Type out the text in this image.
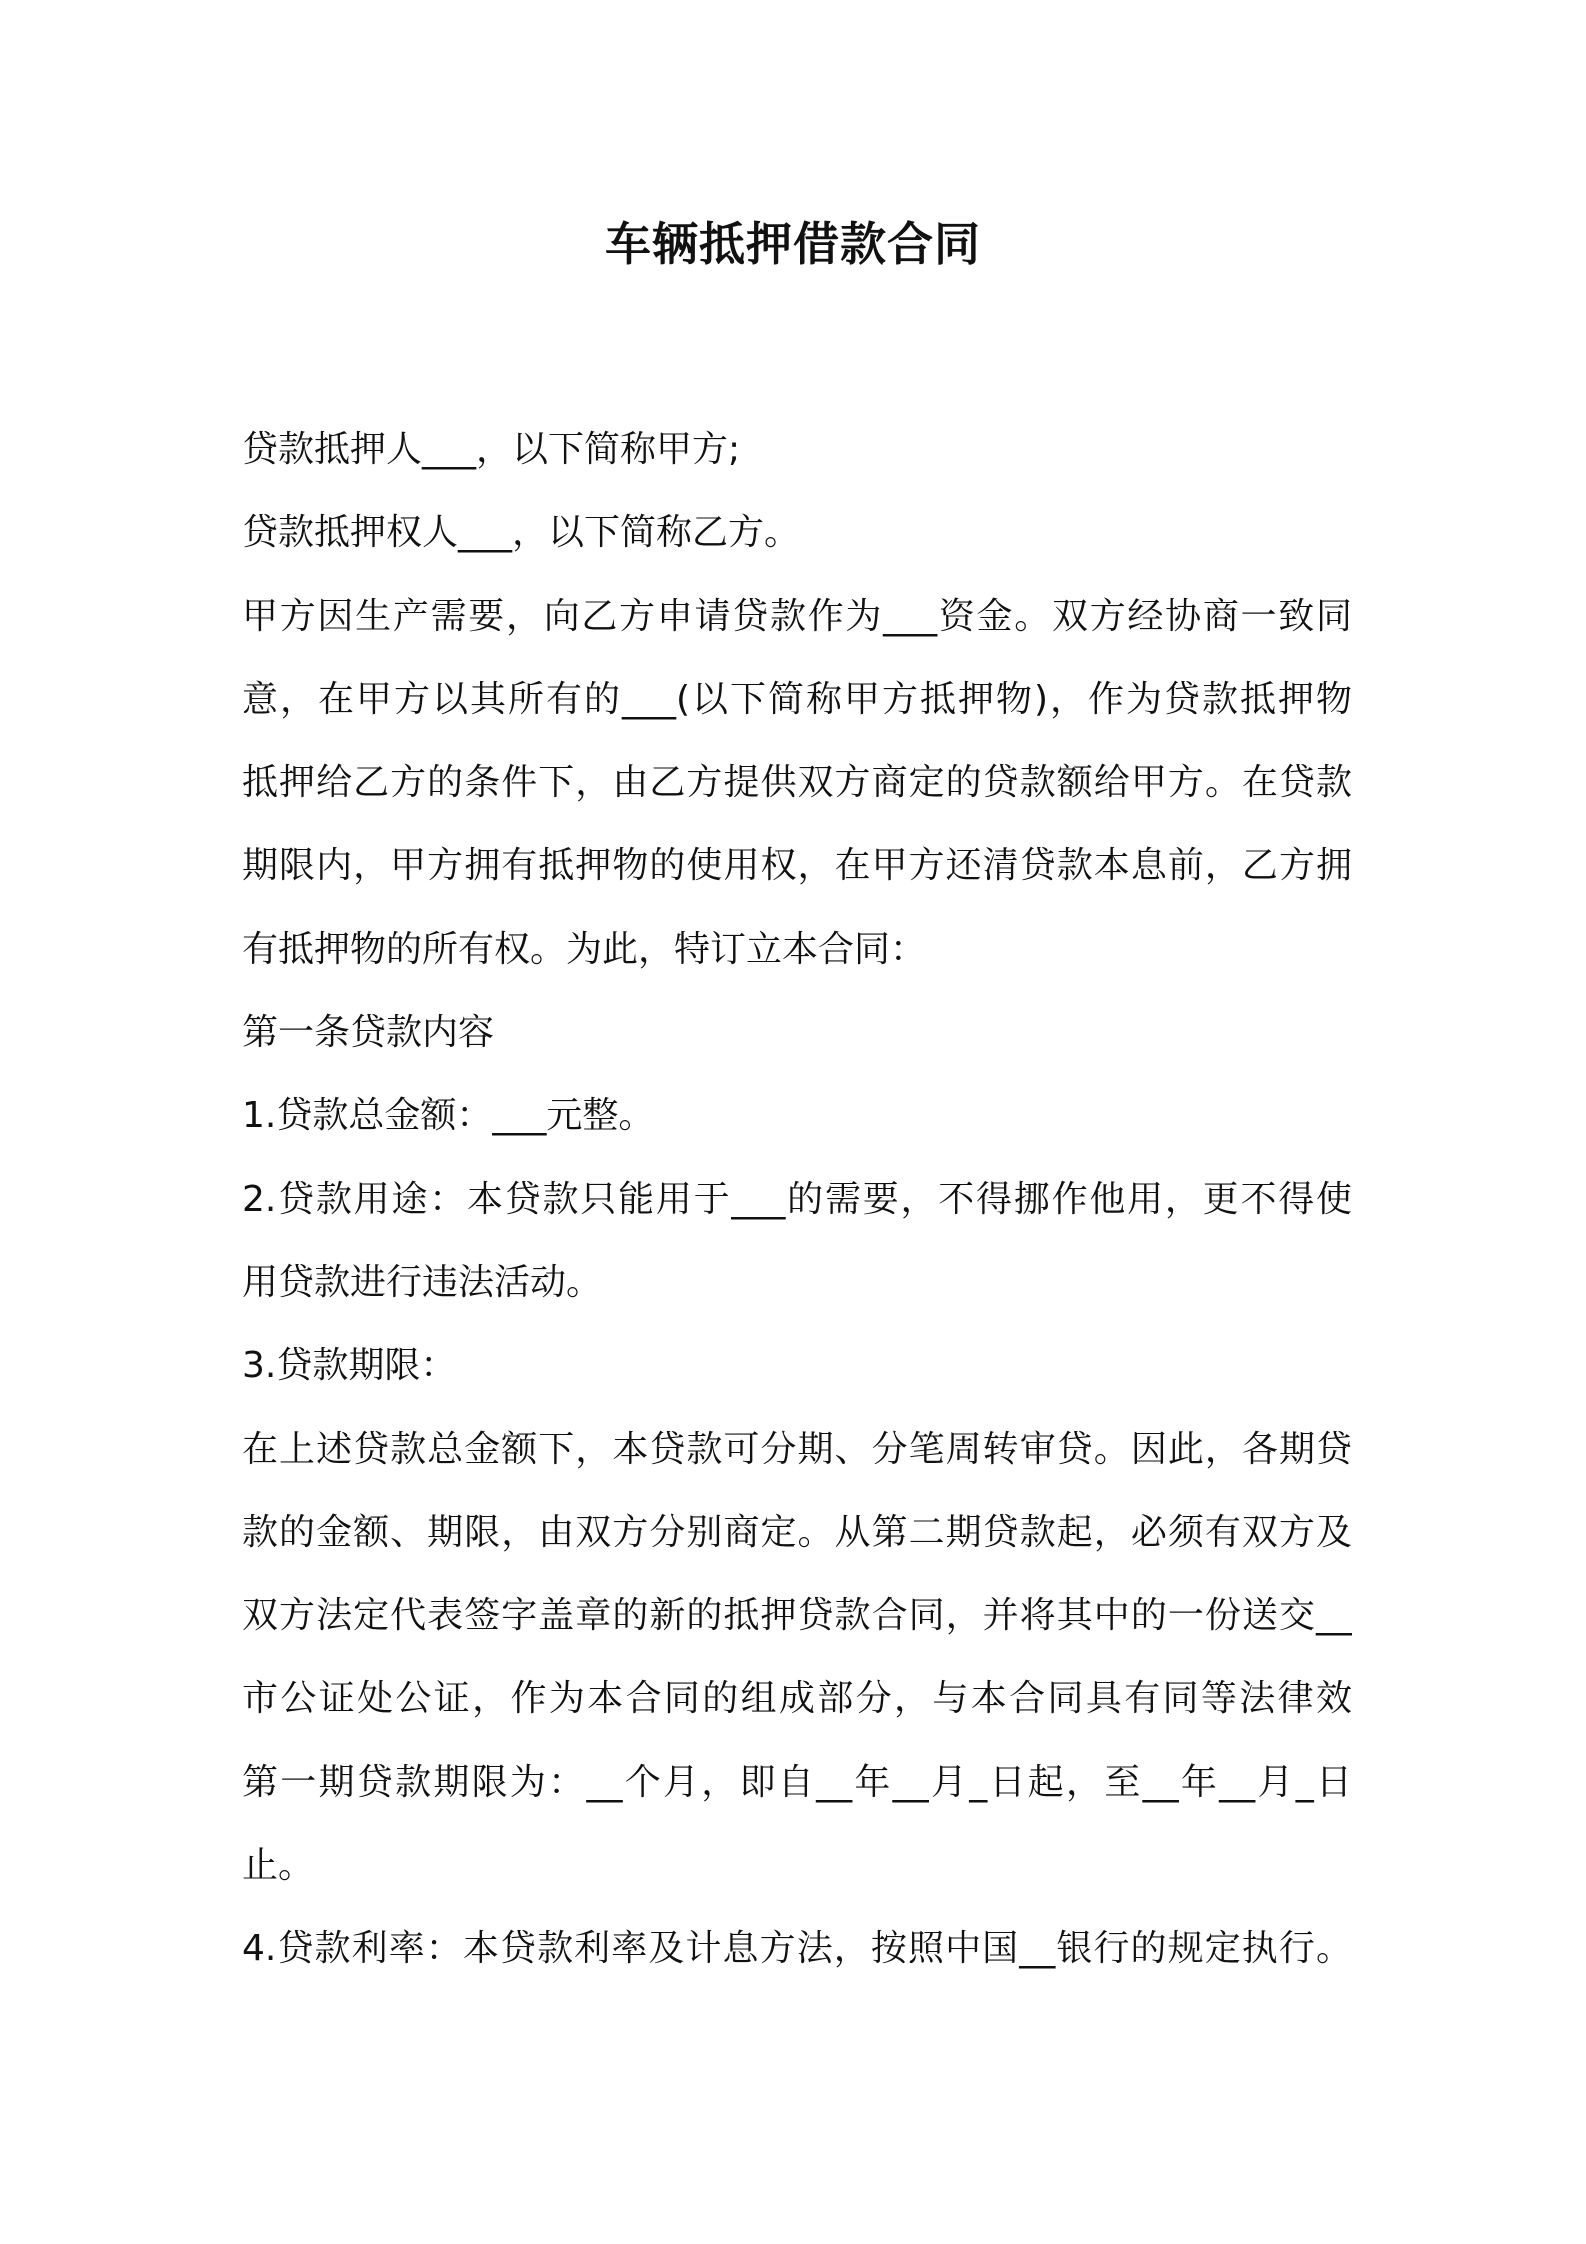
车辆抵押借款合同
贷款抵押人___，以下简称甲方;
贷款抵押权人___，以下简称乙方。
甲方因生产需要，向乙方申请贷款作为___资金。双方经协商一致同
意，在甲方以其所有的___(以下简称甲方抵押物)，作为贷款抵押物
抵押给乙方的条件下，由乙方提供双方商定的贷款额给甲方。在贷款
期限内，甲方拥有抵押物的使用权，在甲方还清贷款本息前，乙方拥
有抵押物的所有权。为此，特订立本合同：
第一条贷款内容
1.贷款总金额：___元整。
2.贷款用途：本贷款只能用于___的需要，不得挪作他用，更不得使
用贷款进行违法活动。
3.贷款期限：
在上述贷款总金额下，本贷款可分期、分笔周转审贷。因此，各期贷
款的金额、期限，由双方分别商定。从第二期贷款起，必须有双方及
双方法定代表签字盖章的新的抵押贷款合同，并将其中的一份送交__
市公证处公证，作为本合同的组成部分，与本合同具有同等法律效
第一期贷款期限为：__个月，即自__年__月_日起，至__年__月_日
止。
4.贷款利率：本贷款利率及计息方法，按照中国__银行的规定执行。
